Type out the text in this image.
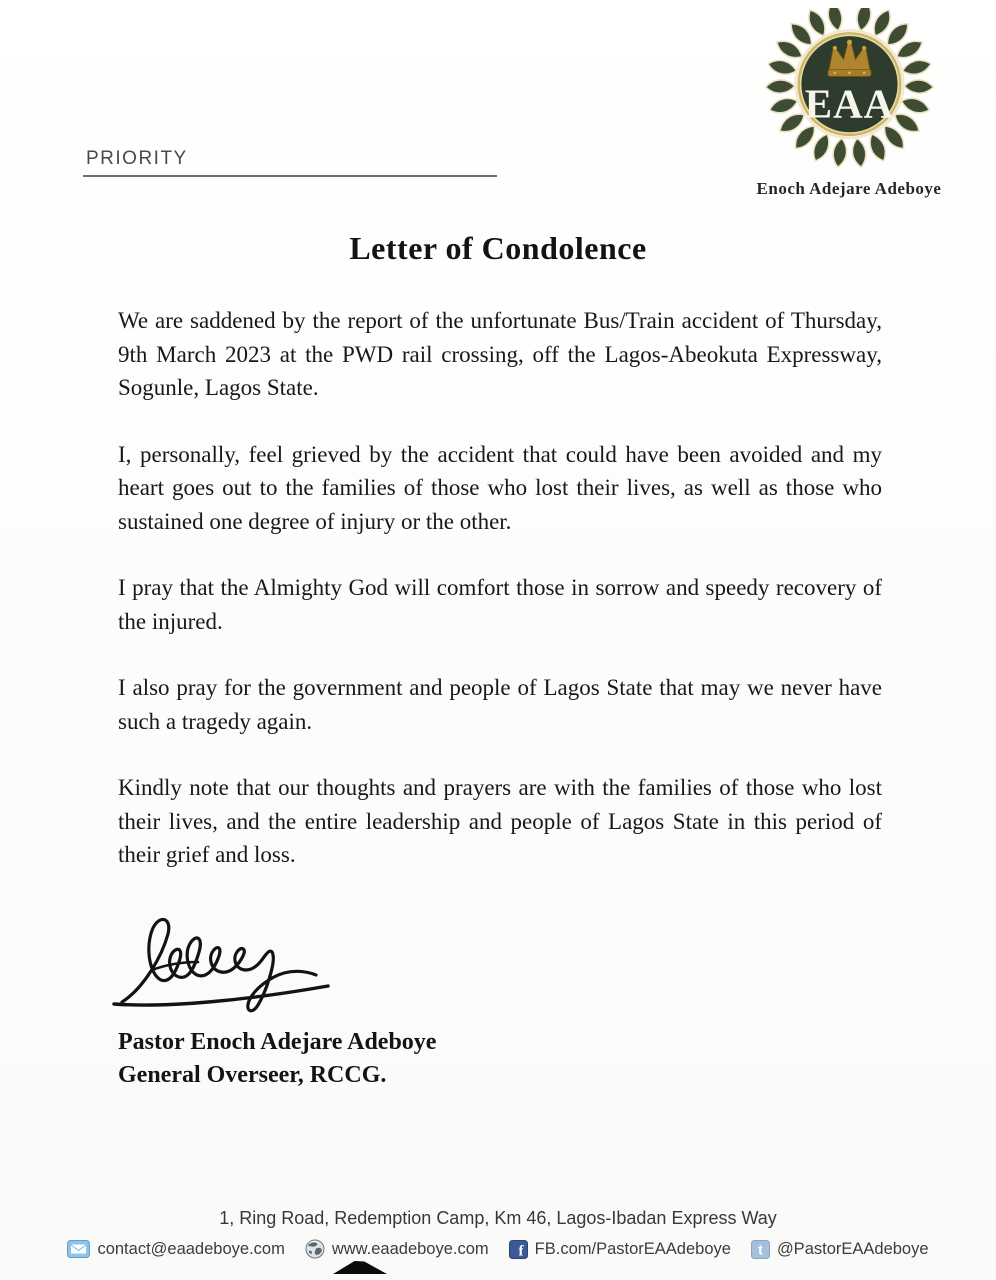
PRIORITY
EAA
Enoch Adejare Adeboye
Letter of Condolence

We are saddened by the report of the unfortunate Bus/Train accident of Thursday, 9th March 2023 at the PWD rail crossing, off the Lagos-Abeokuta Expressway, Sogunle, Lagos State.

I, personally, feel grieved by the accident that could have been avoided and my heart goes out to the families of those who lost their lives, as well as those who sustained one degree of injury or the other.

I pray that the Almighty God will comfort those in sorrow and speedy recovery of the injured.

I also pray for the government and people of Lagos State that may we never have such a tragedy again.

Kindly note that our thoughts and prayers are with the families of those who lost their lives, and the entire leadership and people of Lagos State in this period of their grief and loss.

Pastor Enoch Adejare Adeboye
General Overseer, RCCG.
1, Ring Road, Redemption Camp, Km 46, Lagos-Ibadan Express Way
contact@eaadeboye.com	www.eaadeboye.com f FB.com/PastorEAAdeboye t @PastorEAAdeboye
